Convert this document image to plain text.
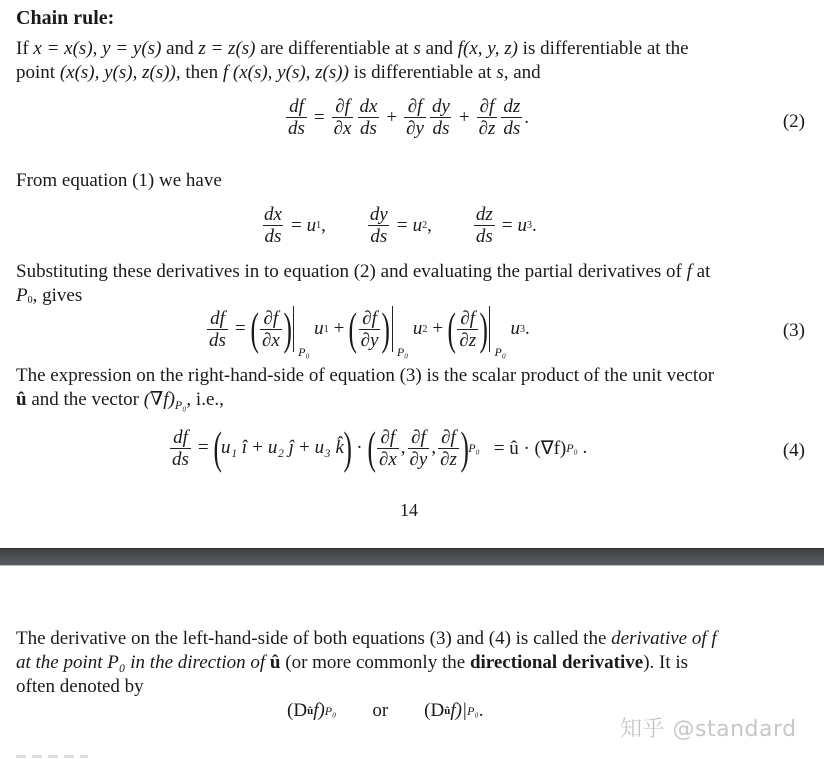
Chain rule:
If x = x(s), y = y(s) and z = z(s) are differentiable at s and f(x, y, z) is differentiable at the
point (x(s), y(s), z(s)), then f (x(s), y(s), z(s)) is differentiable at s, and
$\frac{df}{ds} = \frac{\partial f}{\partial x} \frac{dx}{ds} + \frac{\partial f}{\partial y} \frac{dy}{ds} + \frac{\partial f}{\partial z} \frac{dz}{ds}$ .	(2)
From equation (1) we have
$\frac{dx}{ds} = u$ 1 , $\frac{dy}{ds} = u$ 2 , $\frac{dz}{ds} = u$ 3 .
Substituting these derivatives in to equation (2) and evaluating the partial derivatives of f at
P0, gives
$\frac{df}{ds}$ = ( $\frac{\partial f}{\partial x}$ ) P₀
u 1 + ( $\frac{\partial f}{\partial y}$ ) P₀
u 2 + ( $\frac{\partial f}{\partial z}$ ) P₀
u 3 .	(3)
The expression on the right-hand-side of equation (3) is the scalar product of the unit vector
û and the vector $(\nabla f)_{P_0}$, i.e.,
$\frac{df}{ds}$ = ( u₁ î + u₂ ĵ + u₃ k̂ ) · ( $\frac{\partial f}{\partial x}$ , $\frac{\partial f}{\partial y}$ , $\frac{\partial f}{\partial z}$ ) P₀ = û · (∇f) P₀ .	(4)
14
The derivative on the left-hand-side of both equations (3) and (4) is called the derivative of f
at the point P₀ in the direction of û (or more commonly the directional derivative). It is
often denoted by
(D û f) P₀ or (D û f)| P₀ .
知乎 @standard
